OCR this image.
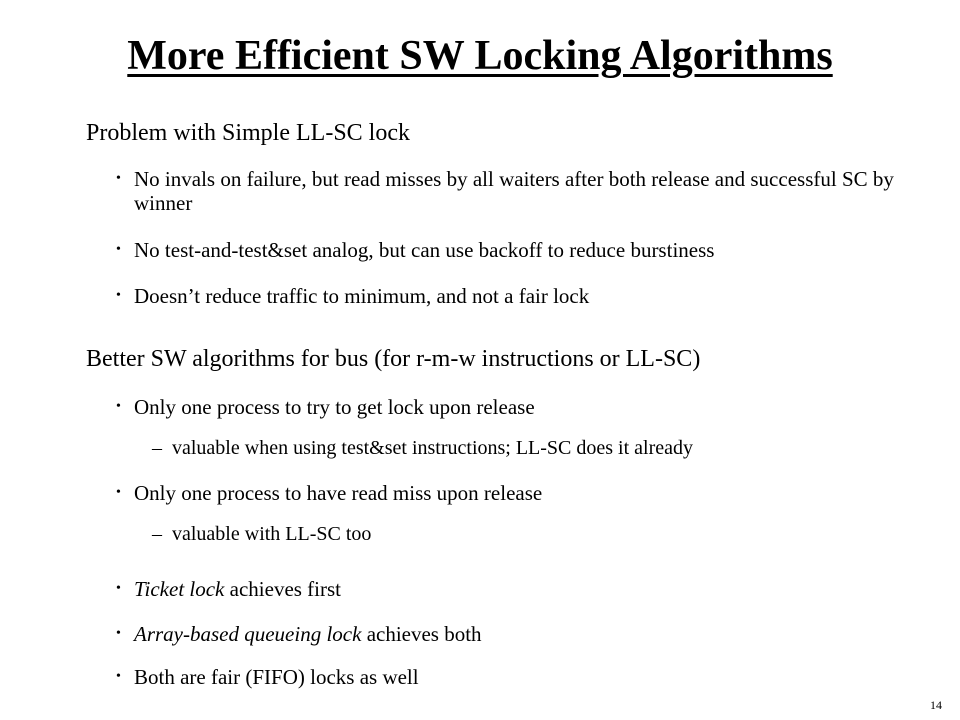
More Efficient SW Locking Algorithms
Problem with Simple LL-SC lock
• No invals on failure, but read misses by all waiters after both release and successful SC by winner
• No test-and-test&set analog, but can use backoff to reduce burstiness
• Doesn’t reduce traffic to minimum, and not a fair lock
Better SW algorithms for bus (for r-m-w instructions or LL-SC)
• Only one process to try to get lock upon release
– valuable when using test&set instructions; LL-SC does it already
• Only one process to have read miss upon release
– valuable with LL-SC too
• Ticket lock achieves first
• Array-based queueing lock achieves both
• Both are fair (FIFO) locks as well
14
